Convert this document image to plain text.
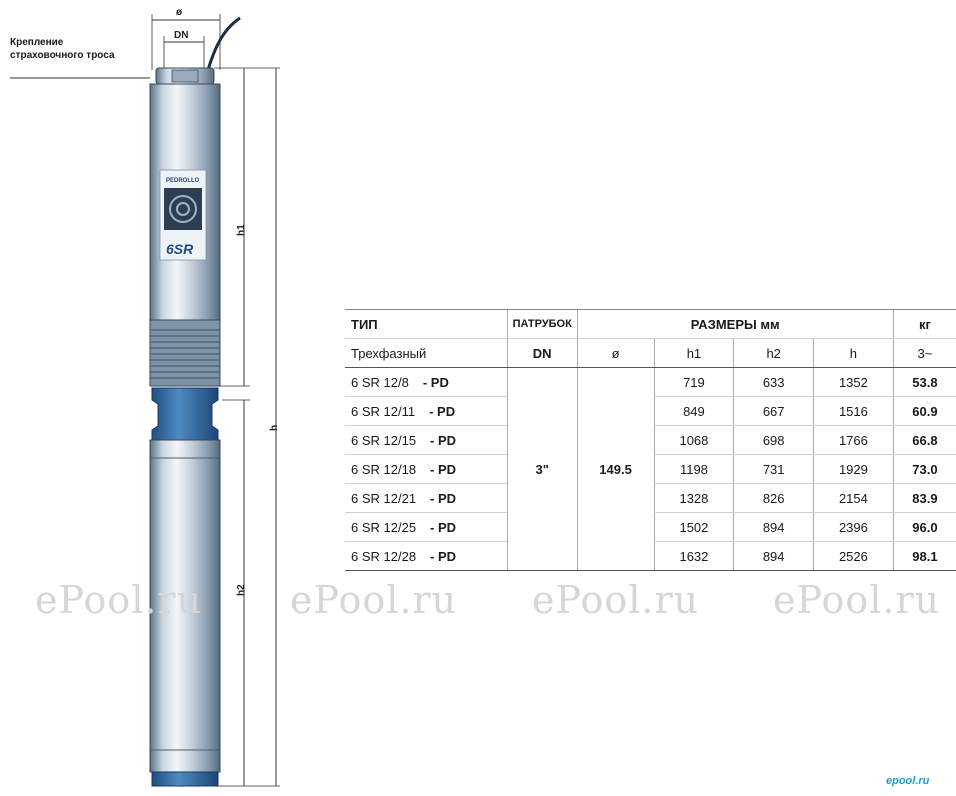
Крепление страховочного троса
ø
DN
PEDROLLO
6SR
h1
h2
h
ePool.ru ePool.ru ePool.ru ePool.ru
ТИП	ПАТРУБОК	РАЗМЕРЫ мм				кг
Трехфазный	DN	ø	h1	h2	h	3~
6 SR 12/8 - PD	3"	149.5	719	633	1352	53.8
6 SR 12/11 - PD			849	667	1516	60.9
6 SR 12/15 - PD			1068	698	1766	66.8
6 SR 12/18 - PD			1198	731	1929	73.0
6 SR 12/21 - PD			1328	826	2154	83.9
6 SR 12/25 - PD			1502	894	2396	96.0
6 SR 12/28 - PD			1632	894	2526	98.1
epool.ru
